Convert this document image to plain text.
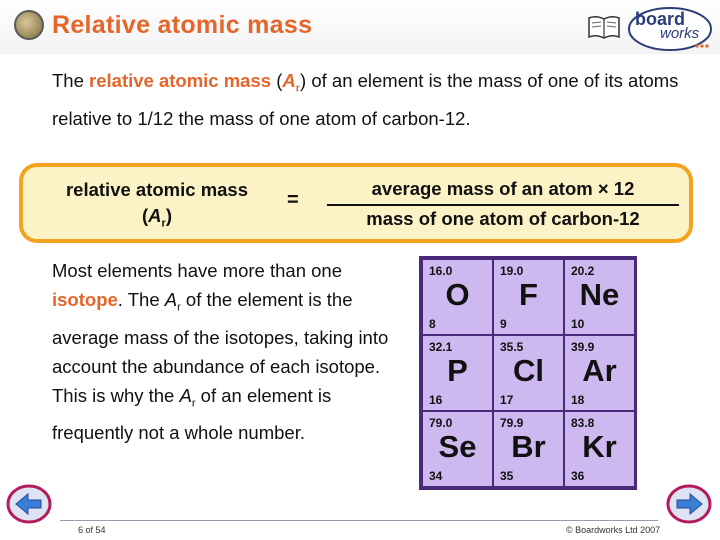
Relative atomic mass	board
works
The relative atomic mass $(A_r)$ of an element is the mass of one of its atoms relative to 1/12 the mass of one atom of carbon-12.
relative atomic mass
$(A_r)$
=
average mass of an atom × 12
mass of one atom of carbon-12
Most elements have more than one isotope. The $A_r$ of the element is the average mass of the isotopes, taking into account the abundance of each isotope. This is why the $A_r$ of an element is frequently not a whole number.
16.0
O
8
19.0
F
9
20.2
Ne
10
32.1
P
16
35.5
Cl
17
39.9
Ar
18
79.0
Se
34
79.9
Br
35
83.8
Kr
36
6 of 54	© Boardworks Ltd 2007
